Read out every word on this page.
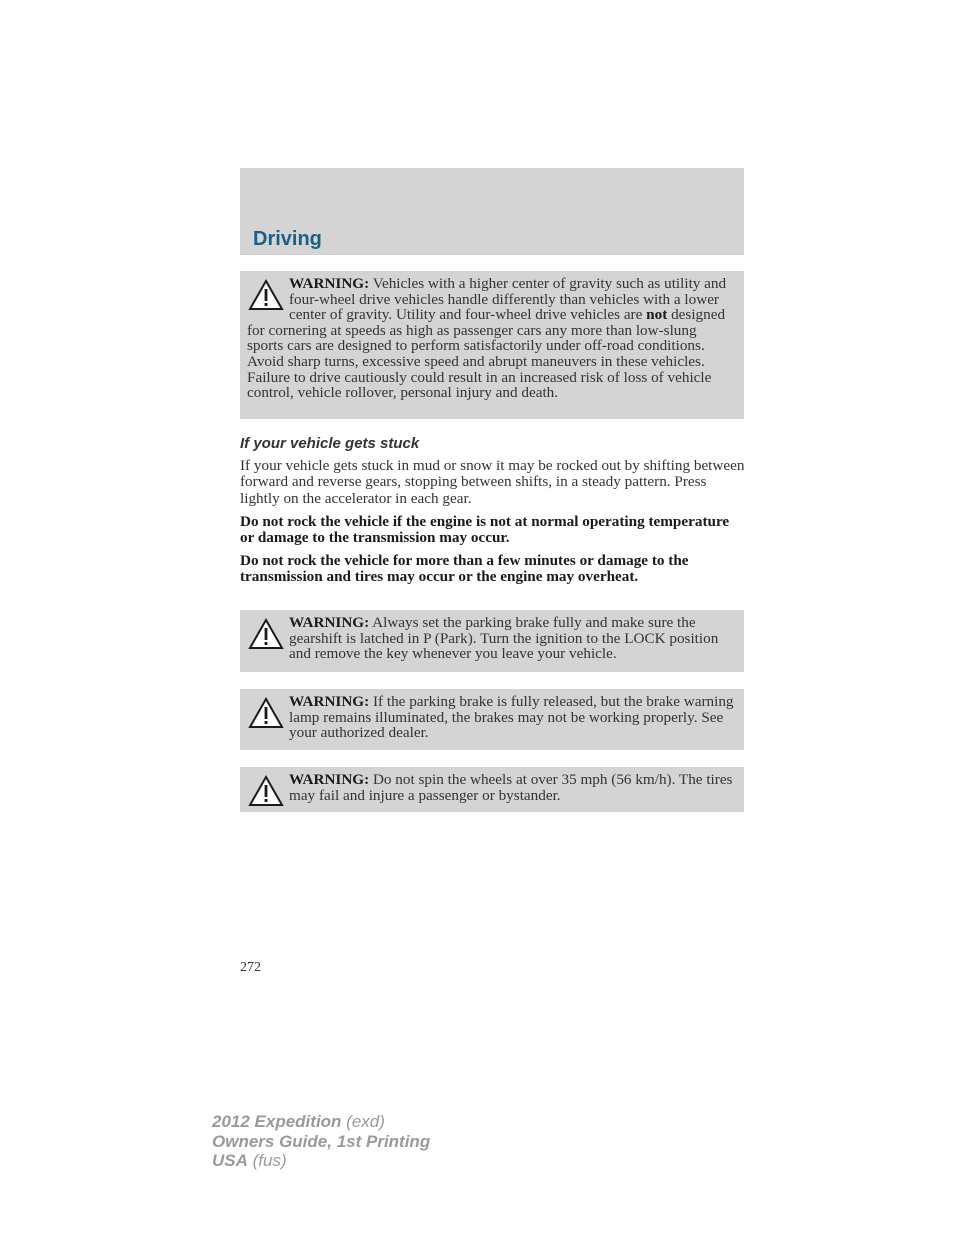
Driving
WARNING: Vehicles with a higher center of gravity such as utility and four-wheel drive vehicles handle differently than vehicles with a lower center of gravity. Utility and four-wheel drive vehicles are not designed for cornering at speeds as high as passenger cars any more than low-slung sports cars are designed to perform satisfactorily under off-road conditions. Avoid sharp turns, excessive speed and abrupt maneuvers in these vehicles. Failure to drive cautiously could result in an increased risk of loss of vehicle control, vehicle rollover, personal injury and death.
If your vehicle gets stuck

If your vehicle gets stuck in mud or snow it may be rocked out by shifting between forward and reverse gears, stopping between shifts, in a steady pattern. Press lightly on the accelerator in each gear.

Do not rock the vehicle if the engine is not at normal operating temperature or damage to the transmission may occur.

Do not rock the vehicle for more than a few minutes or damage to the transmission and tires may occur or the engine may overheat.

WARNING: Always set the parking brake fully and make sure the gearshift is latched in P (Park). Turn the ignition to the LOCK position and remove the key whenever you leave your vehicle.
WARNING: If the parking brake is fully released, but the brake warning lamp remains illuminated, the brakes may not be working properly. See your authorized dealer.
WARNING: Do not spin the wheels at over 35 mph (56 km/h). The tires may fail and injure a passenger or bystander.
272
2012 Expedition (exd)
Owners Guide, 1st Printing
USA (fus)
